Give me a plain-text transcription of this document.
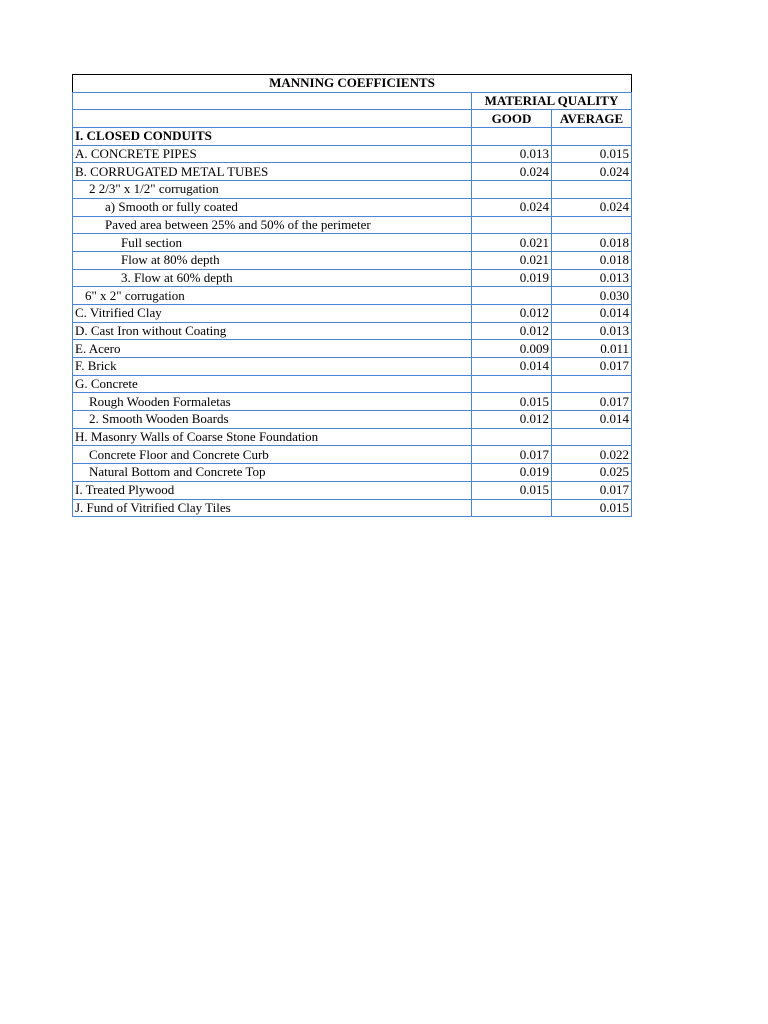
MANNING COEFFICIENTS		
	MATERIAL QUALITY	
	GOOD	AVERAGE
I. CLOSED CONDUITS		
A. CONCRETE PIPES	0.013	0.015
B. CORRUGATED METAL TUBES	0.024	0.024
2 2/3" x 1/2" corrugation		
a) Smooth or fully coated	0.024	0.024
Paved area between 25% and 50% of the perimeter		
Full section	0.021	0.018
Flow at 80% depth	0.021	0.018
3. Flow at 60% depth	0.019	0.013
6" x 2" corrugation		0.030
C. Vitrified Clay	0.012	0.014
D. Cast Iron without Coating	0.012	0.013
E. Acero	0.009	0.011
F. Brick	0.014	0.017
G. Concrete		
Rough Wooden Formaletas	0.015	0.017
2. Smooth Wooden Boards	0.012	0.014
H. Masonry Walls of Coarse Stone Foundation		
Concrete Floor and Concrete Curb	0.017	0.022
Natural Bottom and Concrete Top	0.019	0.025
I. Treated Plywood	0.015	0.017
J. Fund of Vitrified Clay Tiles		0.015
